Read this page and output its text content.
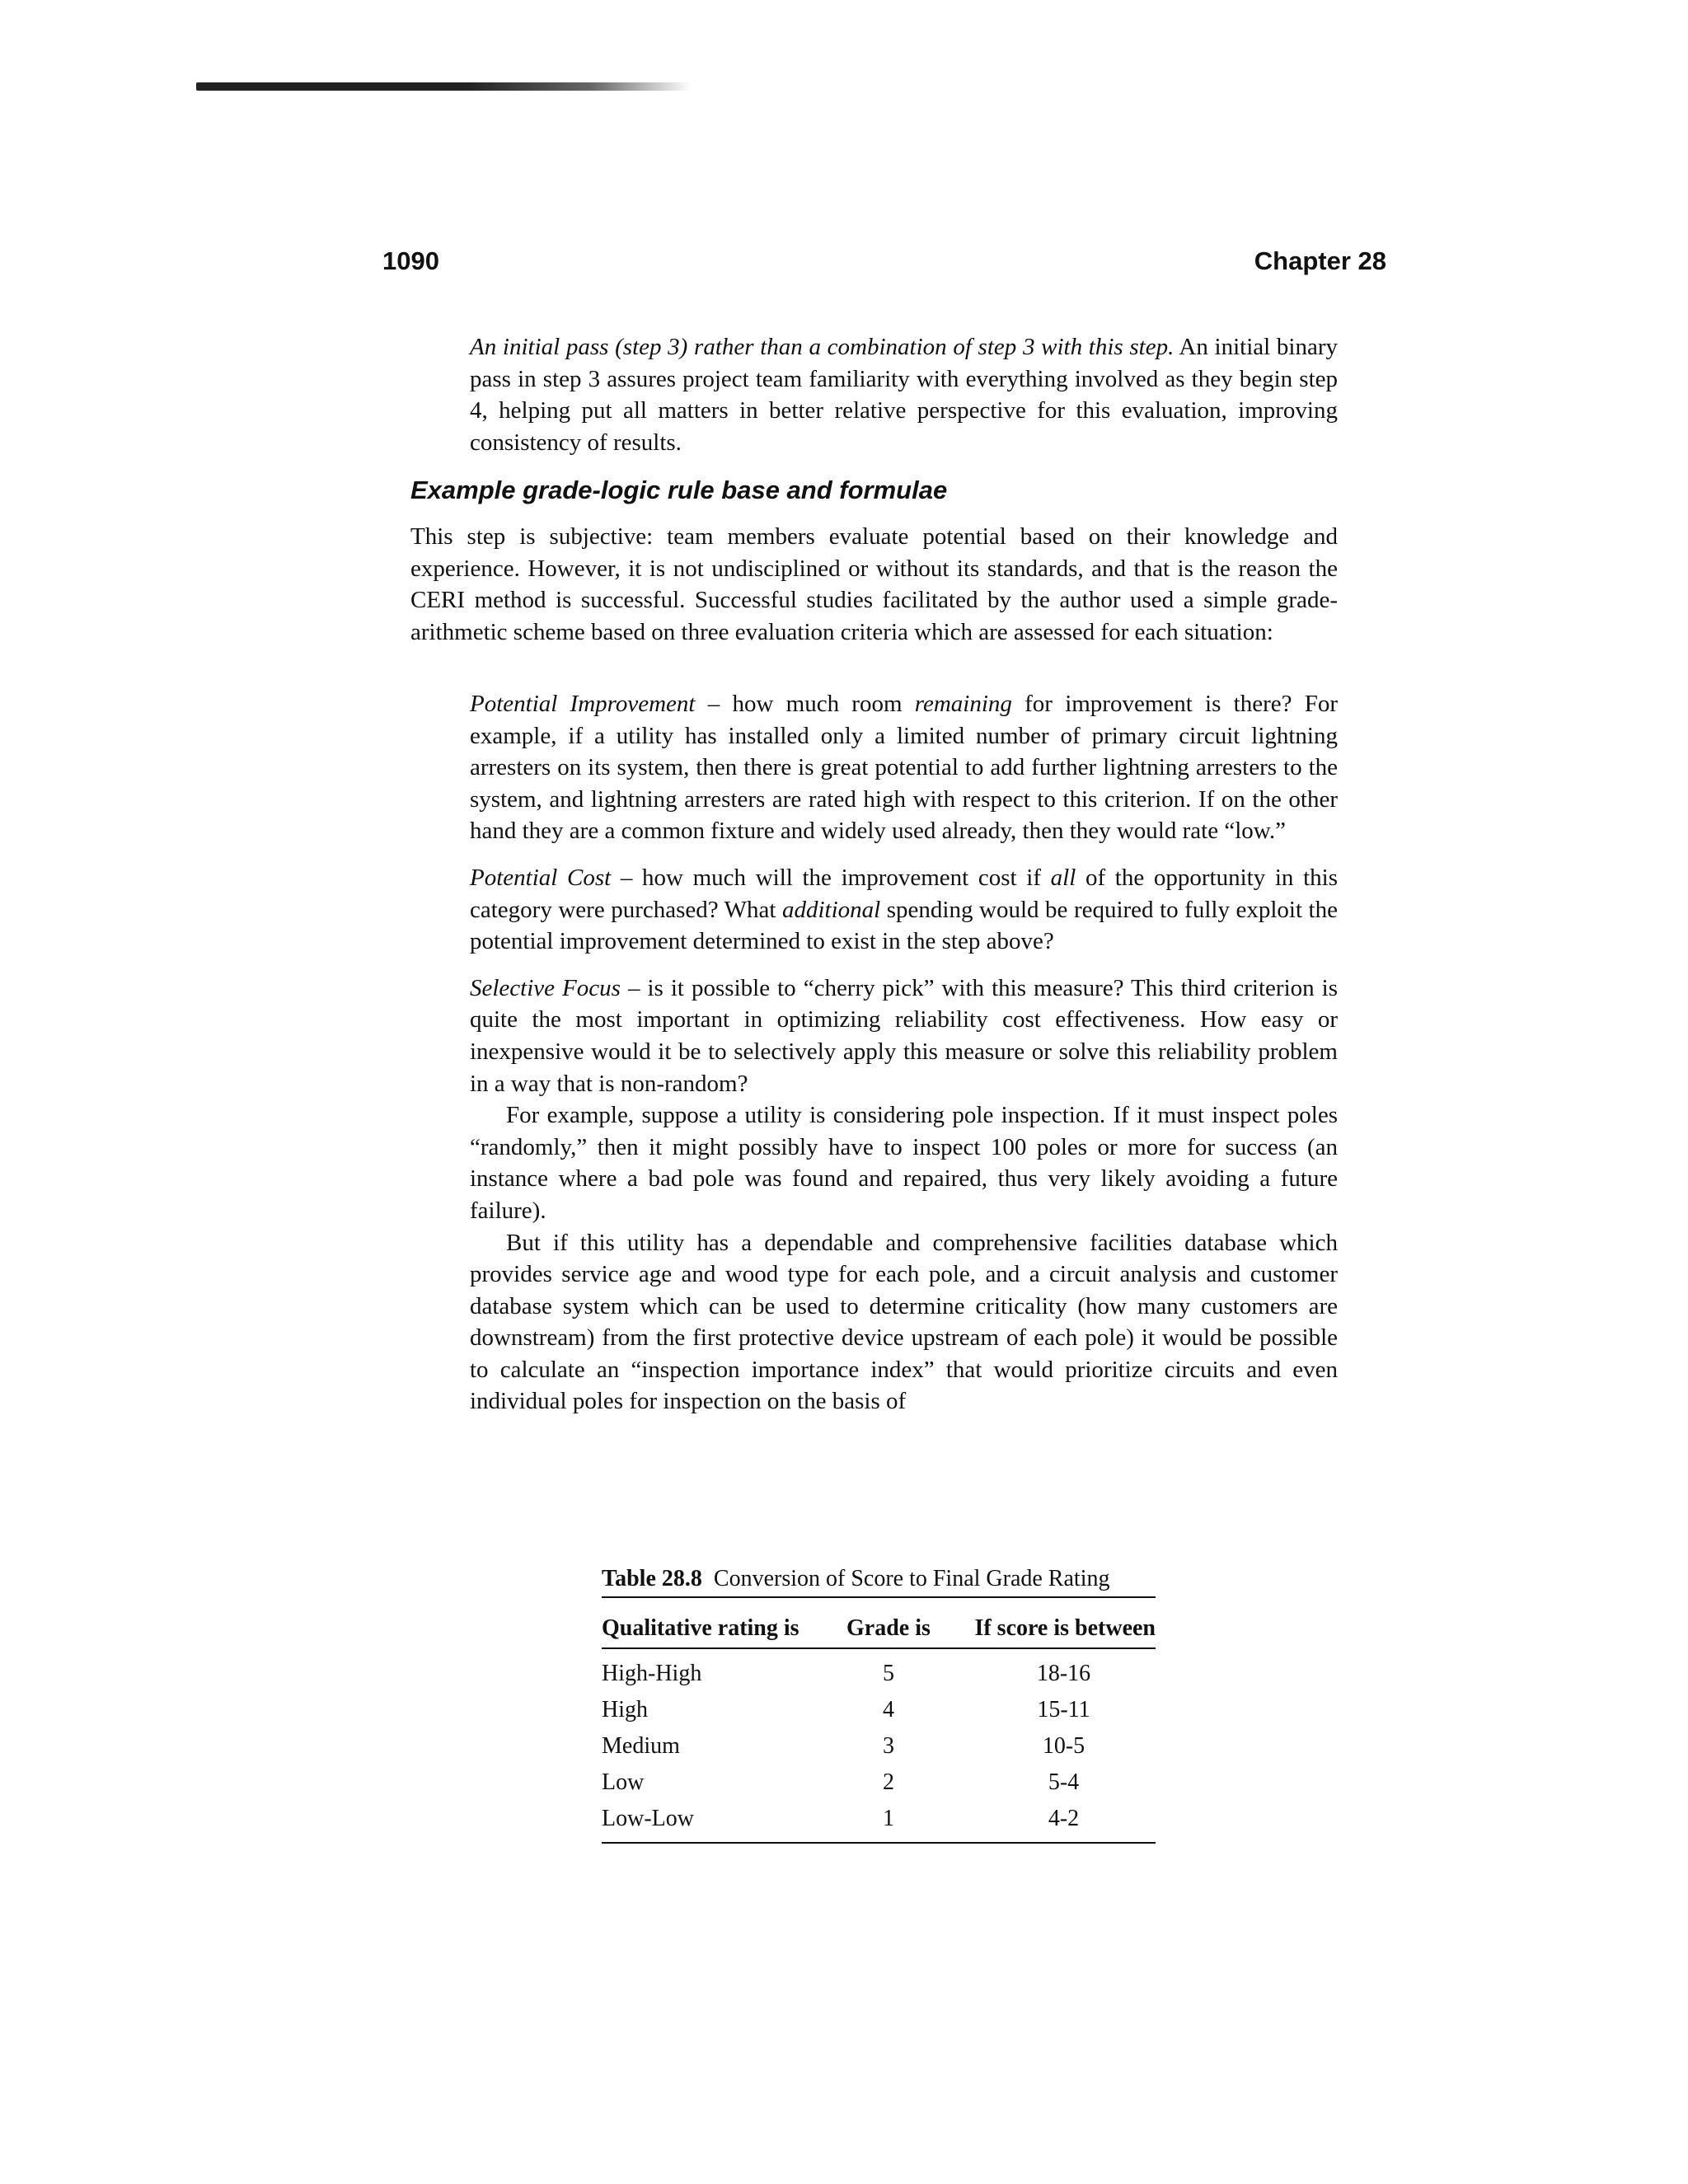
1090	Chapter 28

An initial pass (step 3) rather than a combination of step 3 with this step. An initial binary pass in step 3 assures project team familiarity with everything involved as they begin step 4, helping put all matters in better relative perspective for this evaluation, improving consistency of results.

Example grade-logic rule base and formulae

This step is subjective: team members evaluate potential based on their knowledge and experience. However, it is not undisciplined or without its standards, and that is the reason the CERI method is successful. Successful studies facilitated by the author used a simple grade-arithmetic scheme based on three evaluation criteria which are assessed for each situation:

Potential Improvement – how much room remaining for improvement is there? For example, if a utility has installed only a limited number of primary circuit lightning arresters on its system, then there is great potential to add further lightning arresters to the system, and lightning arresters are rated high with respect to this criterion. If on the other hand they are a common fixture and widely used already, then they would rate “low.”

Potential Cost – how much will the improvement cost if all of the opportunity in this category were purchased? What additional spending would be required to fully exploit the potential improvement determined to exist in the step above?

Selective Focus – is it possible to “cherry pick” with this measure? This third criterion is quite the most important in optimizing reliability cost effectiveness. How easy or inexpensive would it be to selectively apply this measure or solve this reliability problem in a way that is non-random?

For example, suppose a utility is considering pole inspection. If it must inspect poles “randomly,” then it might possibly have to inspect 100 poles or more for success (an instance where a bad pole was found and repaired, thus very likely avoiding a future failure).

But if this utility has a dependable and comprehensive facilities database which provides service age and wood type for each pole, and a circuit analysis and customer database system which can be used to determine criticality (how many customers are downstream) from the first protective device upstream of each pole) it would be possible to calculate an “inspection importance index” that would prioritize circuits and even individual poles for inspection on the basis of

Table 28.8 Conversion of Score to Final Grade Rating
Qualitative rating is	Grade is	If score is between
High-High	5	18-16
High	4	15-11
Medium	3	10-5
Low	2	5-4
Low-Low	1	4-2
